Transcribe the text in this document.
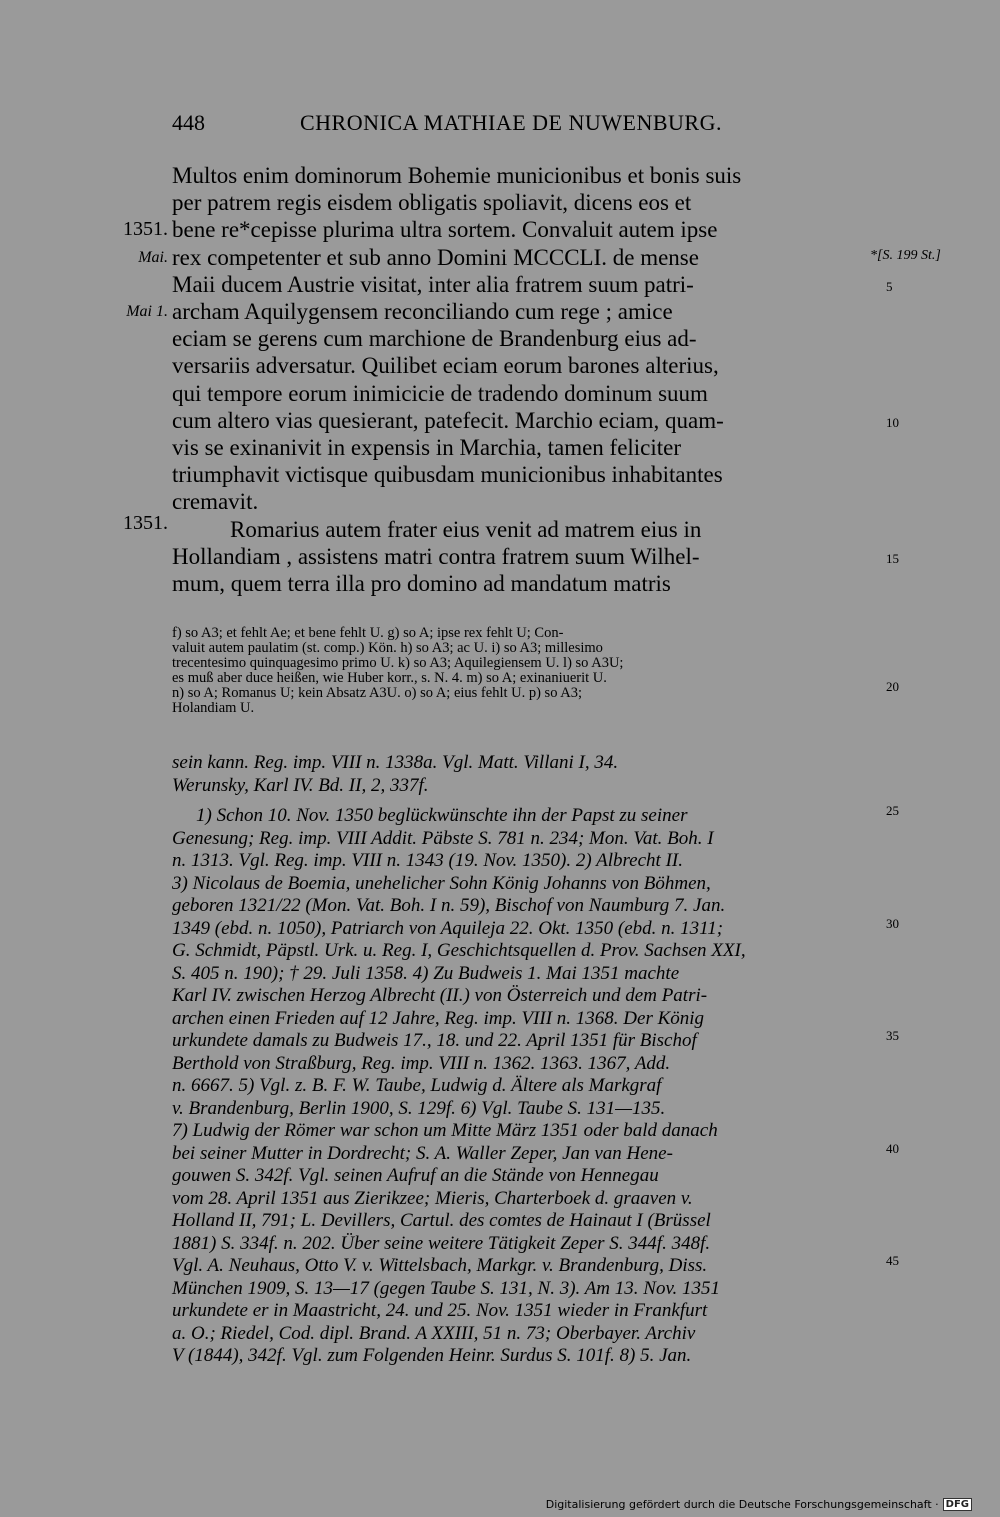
448	CHRONICA MATHIAE DE NUWENBURG.
Multos enim dominorum Bohemie municionibus et bonis suis
per patrem regis eisdem obligatis spoliavit, dicens eos et
bene re*cepisse plurima ultra sortem. Convaluit autem ipse
rex competenter et sub anno Domini MCCCLI. de mense
Maii ducem Austrie visitat, inter alia fratrem suum patri-
archam Aquilygensem reconciliando cum rege ; amice
eciam se gerens cum marchione de Brandenburg eius ad-
versariis adversatur. Quilibet eciam eorum barones alterius,
qui tempore eorum inimicicie de tradendo dominum suum
cum altero vias quesierant, patefecit. Marchio eciam, quam-
vis se exinanivit in expensis in Marchia, tamen feliciter
triumphavit victisque quibusdam municionibus inhabitantes
cremavit.
Romarius autem frater eius venit ad matrem eius in
Hollandiam , assistens matri contra fratrem suum Wilhel-
mum, quem terra illa pro domino ad mandatum matris
1351.
Mai.
Mai 1.
1351.
*[S. 199 St.]
5
10
15
20
25
30
35
40
45
f) so A3; et fehlt Ae; et bene fehlt U. g) so A; ipse rex fehlt U; Con-
valuit autem paulatim (st. comp.) Kön. h) so A3; ac U. i) so A3; millesimo
trecentesimo quinquagesimo primo U. k) so A3; Aquilegiensem U. l) so A3U;
es muß aber duce heißen, wie Huber korr., s. N. 4. m) so A; exinaniuerit U.
n) so A; Romanus U; kein Absatz A3U. o) so A; eius fehlt U. p) so A3;
Holandiam U.
sein kann. Reg. imp. VIII n. 1338a. Vgl. Matt. Villani I, 34.
Werunsky, Karl IV. Bd. II, 2, 337f.
1) Schon 10. Nov. 1350 beglückwünschte ihn der Papst zu seiner
Genesung; Reg. imp. VIII Addit. Päbste S. 781 n. 234; Mon. Vat. Boh. I
n. 1313. Vgl. Reg. imp. VIII n. 1343 (19. Nov. 1350). 2) Albrecht II.
3) Nicolaus de Boemia, unehelicher Sohn König Johanns von Böhmen,
geboren 1321/22 (Mon. Vat. Boh. I n. 59), Bischof von Naumburg 7. Jan.
1349 (ebd. n. 1050), Patriarch von Aquileja 22. Okt. 1350 (ebd. n. 1311;
G. Schmidt, Päpstl. Urk. u. Reg. I, Geschichtsquellen d. Prov. Sachsen XXI,
S. 405 n. 190); † 29. Juli 1358. 4) Zu Budweis 1. Mai 1351 machte
Karl IV. zwischen Herzog Albrecht (II.) von Österreich und dem Patri-
archen einen Frieden auf 12 Jahre, Reg. imp. VIII n. 1368. Der König
urkundete damals zu Budweis 17., 18. und 22. April 1351 für Bischof
Berthold von Straßburg, Reg. imp. VIII n. 1362. 1363. 1367, Add.
n. 6667. 5) Vgl. z. B. F. W. Taube, Ludwig d. Ältere als Markgraf
v. Brandenburg, Berlin 1900, S. 129f. 6) Vgl. Taube S. 131—135.
7) Ludwig der Römer war schon um Mitte März 1351 oder bald danach
bei seiner Mutter in Dordrecht; S. A. Waller Zeper, Jan van Hene-
gouwen S. 342f. Vgl. seinen Aufruf an die Stände von Hennegau
vom 28. April 1351 aus Zierikzee; Mieris, Charterboek d. graaven v.
Holland II, 791; L. Devillers, Cartul. des comtes de Hainaut I (Brüssel
1881) S. 334f. n. 202. Über seine weitere Tätigkeit Zeper S. 344f. 348f.
Vgl. A. Neuhaus, Otto V. v. Wittelsbach, Markgr. v. Brandenburg, Diss.
München 1909, S. 13—17 (gegen Taube S. 131, N. 3). Am 13. Nov. 1351
urkundete er in Maastricht, 24. und 25. Nov. 1351 wieder in Frankfurt
a. O.; Riedel, Cod. dipl. Brand. A XXIII, 51 n. 73; Oberbayer. Archiv
V (1844), 342f. Vgl. zum Folgenden Heinr. Surdus S. 101f. 8) 5. Jan.
Digitalisierung gefördert durch die Deutsche Forschungsgemeinschaft · DFG
